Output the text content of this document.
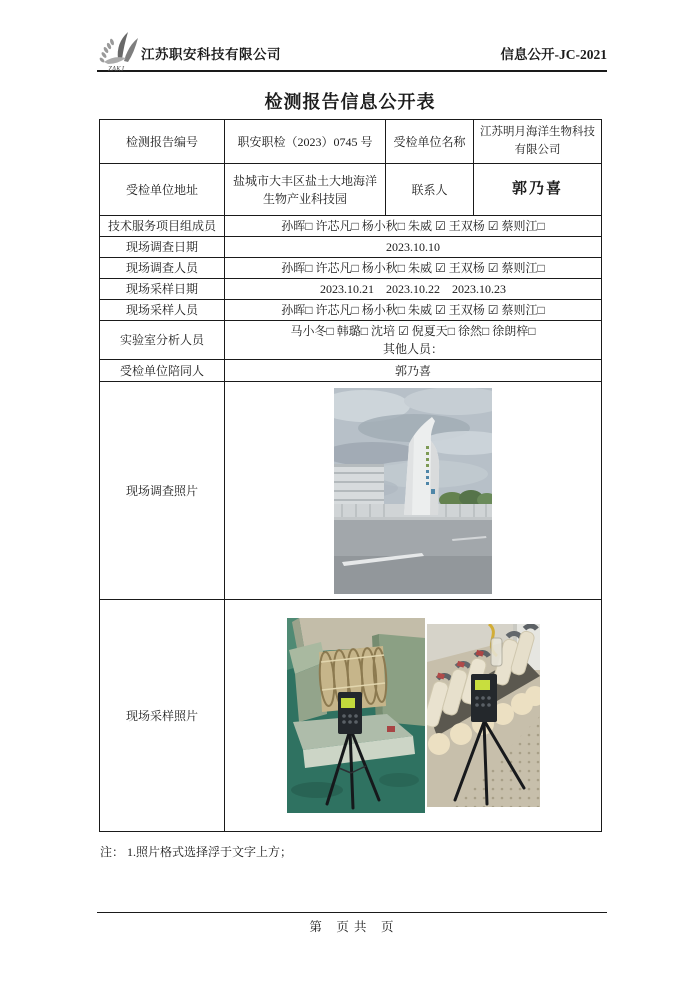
ZAKJ
江苏职安科技有限公司	信息公开-JC-2021
检测报告信息公开表
检测报告编号	职安职检（2023）0745 号	受检单位名称	江苏明月海洋生物科技有限公司
受检单位地址	盐城市大丰区盐土大地海洋生物产业科技园	联系人	郭乃喜
技术服务项目组成员	孙晖□ 许芯凡□ 杨小秋□ 朱威 ☑ 王双杨 ☑ 蔡则江□		
现场调查日期	2023.10.10		
现场调查人员	孙晖□ 许芯凡□ 杨小秋□ 朱威 ☑ 王双杨 ☑ 蔡则江□		
现场采样日期	2023.10.21　2023.10.22　2023.10.23		
现场采样人员	孙晖□ 许芯凡□ 杨小秋□ 朱威 ☑ 王双杨 ☑ 蔡则江□		
实验室分析人员	马小冬□ 韩璐□ 沈培 ☑ 倪夏天□ 徐然□ 徐朗梓□
其他人员：		

受检单位陪同人	郭乃喜		
现场调查照片	
现场采样照片	
注： 1.照片格式选择浮于文字上方；
第　页 共　页
